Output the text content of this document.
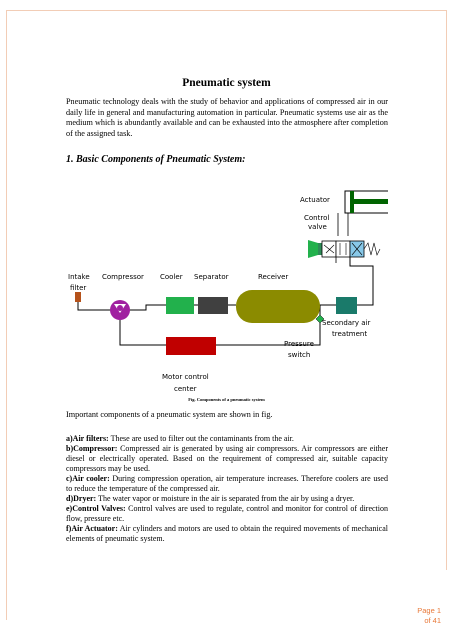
Pneumatic system

Pneumatic technology deals with the study of behavior and applications of compressed air in our daily life in general and manufacturing automation in particular. Pneumatic systems use air as the medium which is abundantly available and can be exhausted into the atmosphere after completion of the assigned task.

1. Basic Components of Pneumatic System:
Actuator
Control
valve
Intake
filter
Compressor Cooler Separator	Receiver
Pressure
switch
Secondary air
treatment
Motor control
center
Fig. Components of a pneumatic system
Important components of a pneumatic system are shown in fig.
a)Air filters: These are used to filter out the contaminants from the air.
b)Compressor: Compressed air is generated by using air compressors. Air compressors are either diesel or electrically operated. Based on the requirement of compressed air, suitable capacity compressors may be used.
c)Air cooler: During compression operation, air temperature increases. Therefore coolers are used to reduce the temperature of the compressed air.
d)Dryer: The water vapor or moisture in the air is separated from the air by using a dryer.
e)Control Valves: Control valves are used to regulate, control and monitor for control of direction flow, pressure etc.
f)Air Actuator: Air cylinders and motors are used to obtain the required movements of mechanical elements of pneumatic system.
Page 1
of 41
